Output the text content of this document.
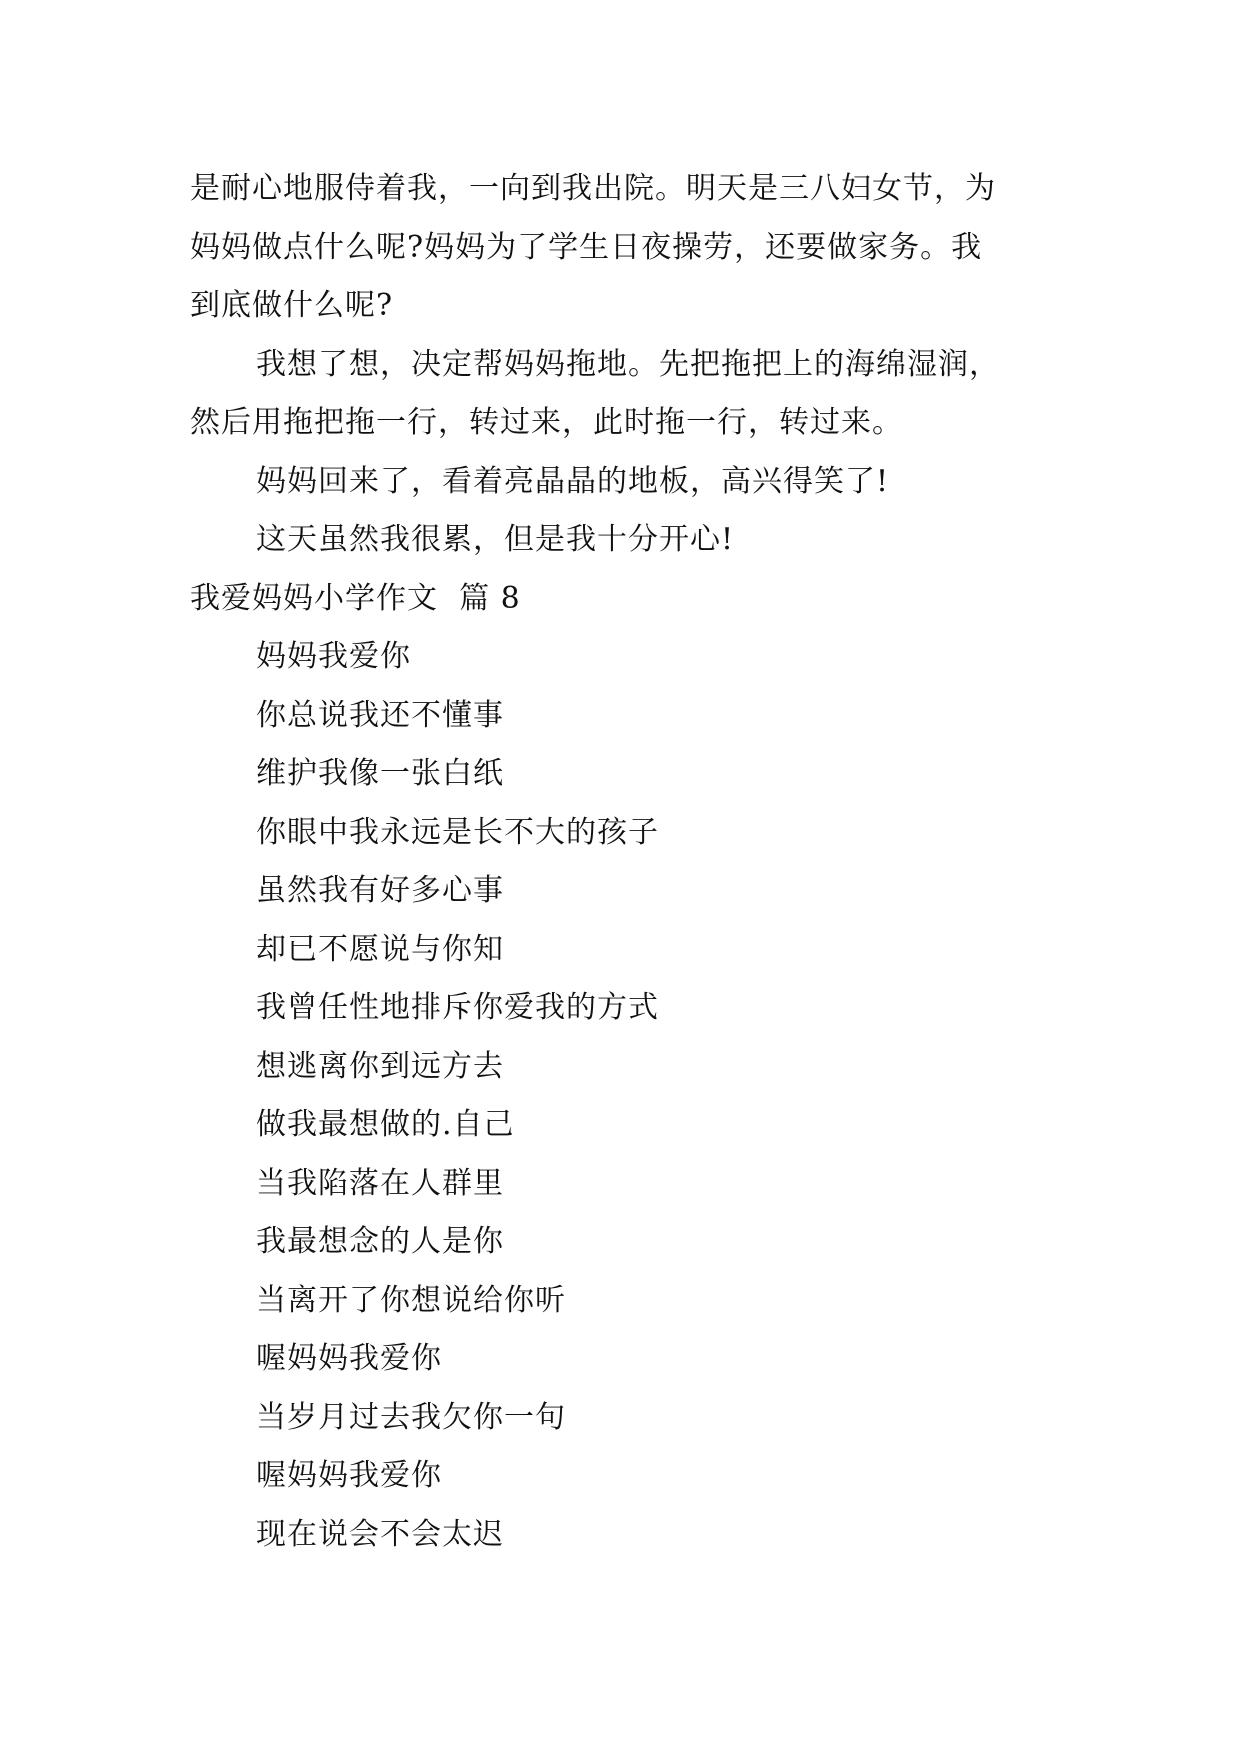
是耐心地服侍着我，一向到我出院。明天是三八妇女节，为
妈妈做点什么呢?妈妈为了学生日夜操劳，还要做家务。我
到底做什么呢?
我想了想，决定帮妈妈拖地。先把拖把上的海绵湿润，
然后用拖把拖一行，转过来，此时拖一行，转过来。
妈妈回来了，看着亮晶晶的地板，高兴得笑了!
这天虽然我很累，但是我十分开心!
我爱妈妈小学作文  篇 8
妈妈我爱你
你总说我还不懂事
维护我像一张白纸
你眼中我永远是长不大的孩子
虽然我有好多心事
却已不愿说与你知
我曾任性地排斥你爱我的方式
想逃离你到远方去
做我最想做的.自己
当我陷落在人群里
我最想念的人是你
当离开了你想说给你听
喔妈妈我爱你
当岁月过去我欠你一句
喔妈妈我爱你
现在说会不会太迟
